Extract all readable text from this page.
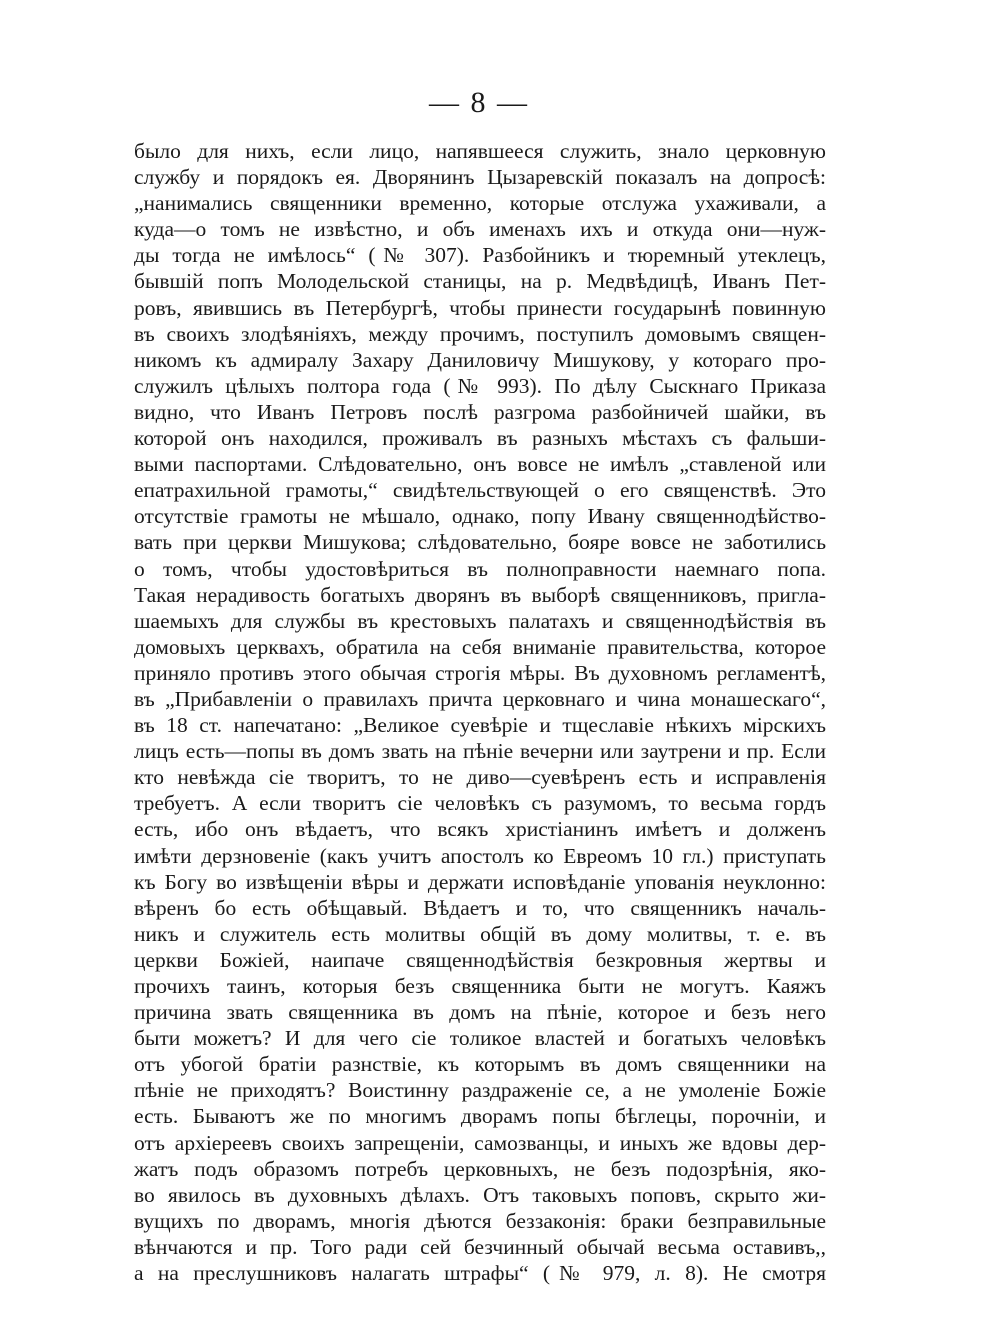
— 8 —
было для нихъ, если лицо, напявшееся служить, знало церковную
службу и порядокъ ея. Дворянинъ Цызаревскій показалъ на допросѣ:
„нанимались священники временно, которые отслужа ухаживали, а
куда—о томъ не извѣстно, и объ именахъ ихъ и откуда они—нуж-
ды тогда не имѣлось“ (№ 307). Разбойникъ и тюремный утеклецъ,
бывшій попъ Молодельской станицы, на р. Медвѣдицѣ, Иванъ Пет-
ровъ, явившись въ Петербургѣ, чтобы принести государынѣ повинную
въ своихъ злодѣяніяхъ, между прочимъ, поступилъ домовымъ священ-
никомъ къ адмиралу Захару Даниловичу Мишукову, у котораго про-
служилъ цѣлыхъ полтора года (№ 993). По дѣлу Сыскнаго Приказа
видно, что Иванъ Петровъ послѣ разгрома разбойничей шайки, въ
которой онъ находился, проживалъ въ разныхъ мѣстахъ съ фальши-
выми паспортами. Слѣдовательно, онъ вовсе не имѣлъ „ставленой или
епатрахильной грамоты,“ свидѣтельствующей о его священствѣ. Это
отсутствіе грамоты не мѣшало, однако, попу Ивану священнодѣйство-
вать при церкви Мишукова; слѣдовательно, бояре вовсе не заботились
о томъ, чтобы удостовѣриться въ полноправности наемнаго попа.
Такая нерадивость богатыхъ дворянъ въ выборѣ священниковъ, пригла-
шаемыхъ для службы въ крестовыхъ палатахъ и священнодѣйствія въ
домовыхъ церквахъ, обратила на себя вниманіе правительства, которое
приняло противъ этого обычая строгія мѣры. Въ духовномъ регламентѣ,
въ „Прибавленіи о правилахъ причта церковнаго и чина монашескаго“,
въ 18 ст. напечатано: „Великое суевѣріе и тщеславіе нѣкихъ мірскихъ
лицъ есть—попы въ домъ звать на пѣніе вечерни или заутрени и пр. Если
кто невѣжда сіе творитъ, то не диво—суевѣренъ есть и исправленія
требуетъ. А если творитъ сіе человѣкъ съ разумомъ, то весьма гордъ
есть, ибо онъ вѣдаетъ, что всякъ христіанинъ имѣетъ и долженъ
имѣти дерзновеніе (какъ учитъ апостолъ ко Евреомъ 10 гл.) приступать
къ Богу во извѣщеніи вѣры и держати исповѣданіе упованія неуклонно:
вѣренъ бо есть обѣщавый. Вѣдаетъ и то, что священникъ началь-
никъ и служитель есть молитвы общій въ дому молитвы, т. е. въ
церкви Божіей, наипаче священнодѣйствія безкровныя жертвы и
прочихъ таинъ, которыя безъ священника быти не могутъ. Каяжъ
причина звать священника въ домъ на пѣніе, которое и безъ него
быти можетъ? И для чего сіе толикое властей и богатыхъ человѣкъ
отъ убогой братіи разнствіе, къ которымъ въ домъ священники на
пѣніе не приходятъ? Воистинну раздраженіе се, а не умоленіе Божіе
есть. Бываютъ же по многимъ дворамъ попы бѣглецы, порочніи, и
отъ архіереевъ своихъ запрещеніи, самозванцы, и иныхъ же вдовы дер-
жатъ подъ образомъ потребъ церковныхъ, не безъ подозрѣнія, яко-
во явилось въ духовныхъ дѣлахъ. Отъ таковыхъ поповъ, скрыто жи-
вущихъ по дворамъ, многія дѣются беззаконія: браки безправильные
вѣнчаются и пр. Того ради сей безчинный обычай весьма оставивъ,,
а на преслушниковъ налагать штрафы“ (№ 979, л. 8). Не смотря
